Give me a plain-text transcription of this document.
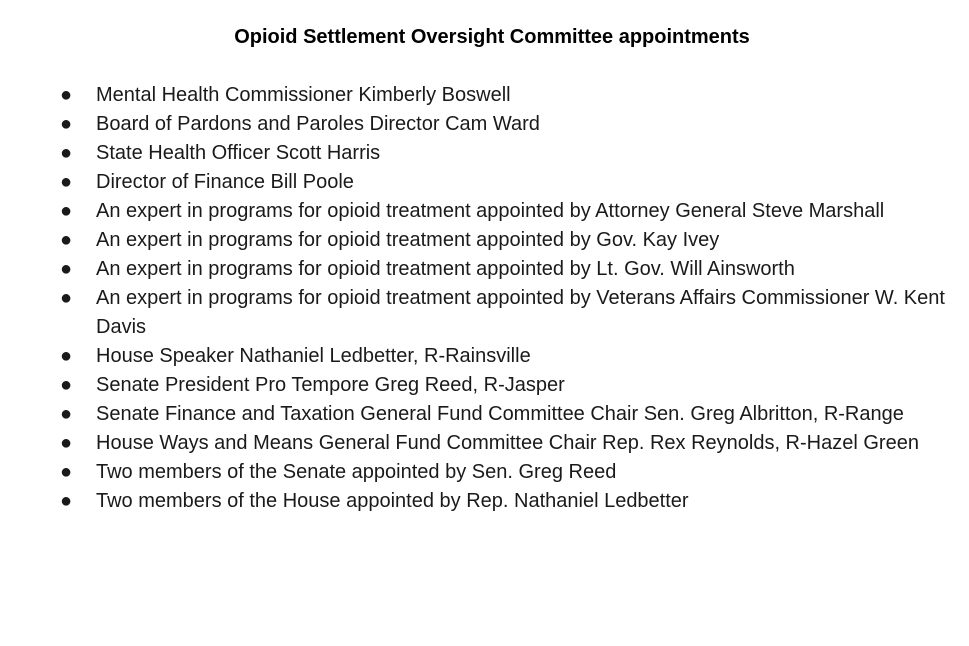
Opioid Settlement Oversight Committee appointments
● Mental Health Commissioner Kimberly Boswell
● Board of Pardons and Paroles Director Cam Ward
● State Health Officer Scott Harris
● Director of Finance Bill Poole
● An expert in programs for opioid treatment appointed by Attorney General Steve Marshall
● An expert in programs for opioid treatment appointed by Gov. Kay Ivey
● An expert in programs for opioid treatment appointed by Lt. Gov. Will Ainsworth
● An expert in programs for opioid treatment appointed by Veterans Affairs Commissioner W. Kent Davis
● House Speaker Nathaniel Ledbetter, R-Rainsville
● Senate President Pro Tempore Greg Reed, R-Jasper
● Senate Finance and Taxation General Fund Committee Chair Sen. Greg Albritton, R-Range
● House Ways and Means General Fund Committee Chair Rep. Rex Reynolds, R-Hazel Green
● Two members of the Senate appointed by Sen. Greg Reed
● Two members of the House appointed by Rep. Nathaniel Ledbetter
